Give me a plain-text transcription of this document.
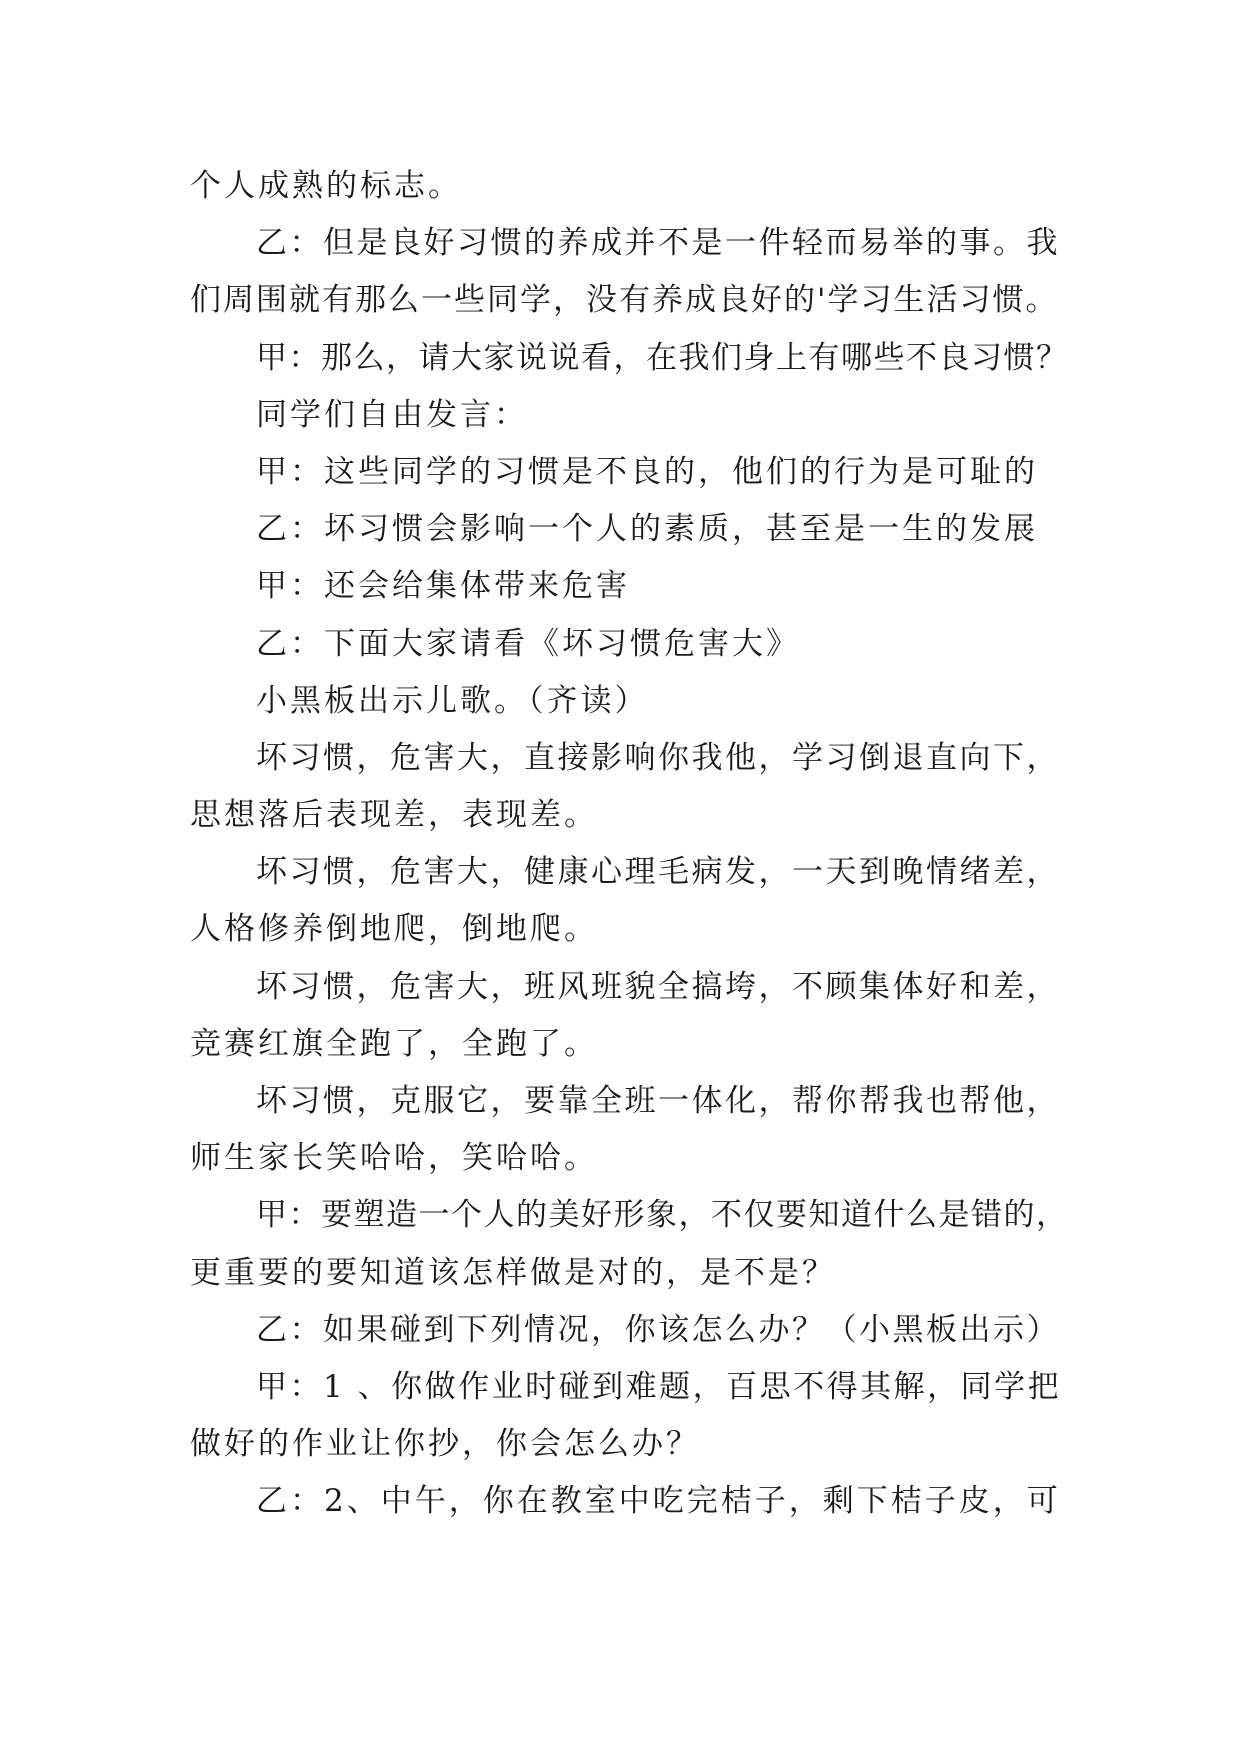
个人成熟的标志。
乙：但是良好习惯的养成并不是一件轻而易举的事。我
们周围就有那么一些同学，没有养成良好的'学习生活习惯。
甲：那么，请大家说说看，在我们身上有哪些不良习惯？
同学们自由发言：
甲：这些同学的习惯是不良的，他们的行为是可耻的
乙：坏习惯会影响一个人的素质，甚至是一生的发展
甲：还会给集体带来危害
乙：下面大家请看《坏习惯危害大》
小黑板出示儿歌。（齐读）
坏习惯，危害大，直接影响你我他，学习倒退直向下，
思想落后表现差，表现差。
坏习惯，危害大，健康心理毛病发，一天到晚情绪差，
人格修养倒地爬，倒地爬。
坏习惯，危害大，班风班貌全搞垮，不顾集体好和差，
竞赛红旗全跑了，全跑了。
坏习惯，克服它，要靠全班一体化，帮你帮我也帮他，
师生家长笑哈哈，笑哈哈。
甲：要塑造一个人的美好形象，不仅要知道什么是错的，
更重要的要知道该怎样做是对的，是不是？
乙：如果碰到下列情况，你该怎么办？（小黑板出示）
甲：1 、你做作业时碰到难题，百思不得其解，同学把
做好的作业让你抄，你会怎么办？
乙：2、中午，你在教室中吃完桔子，剩下桔子皮，可
